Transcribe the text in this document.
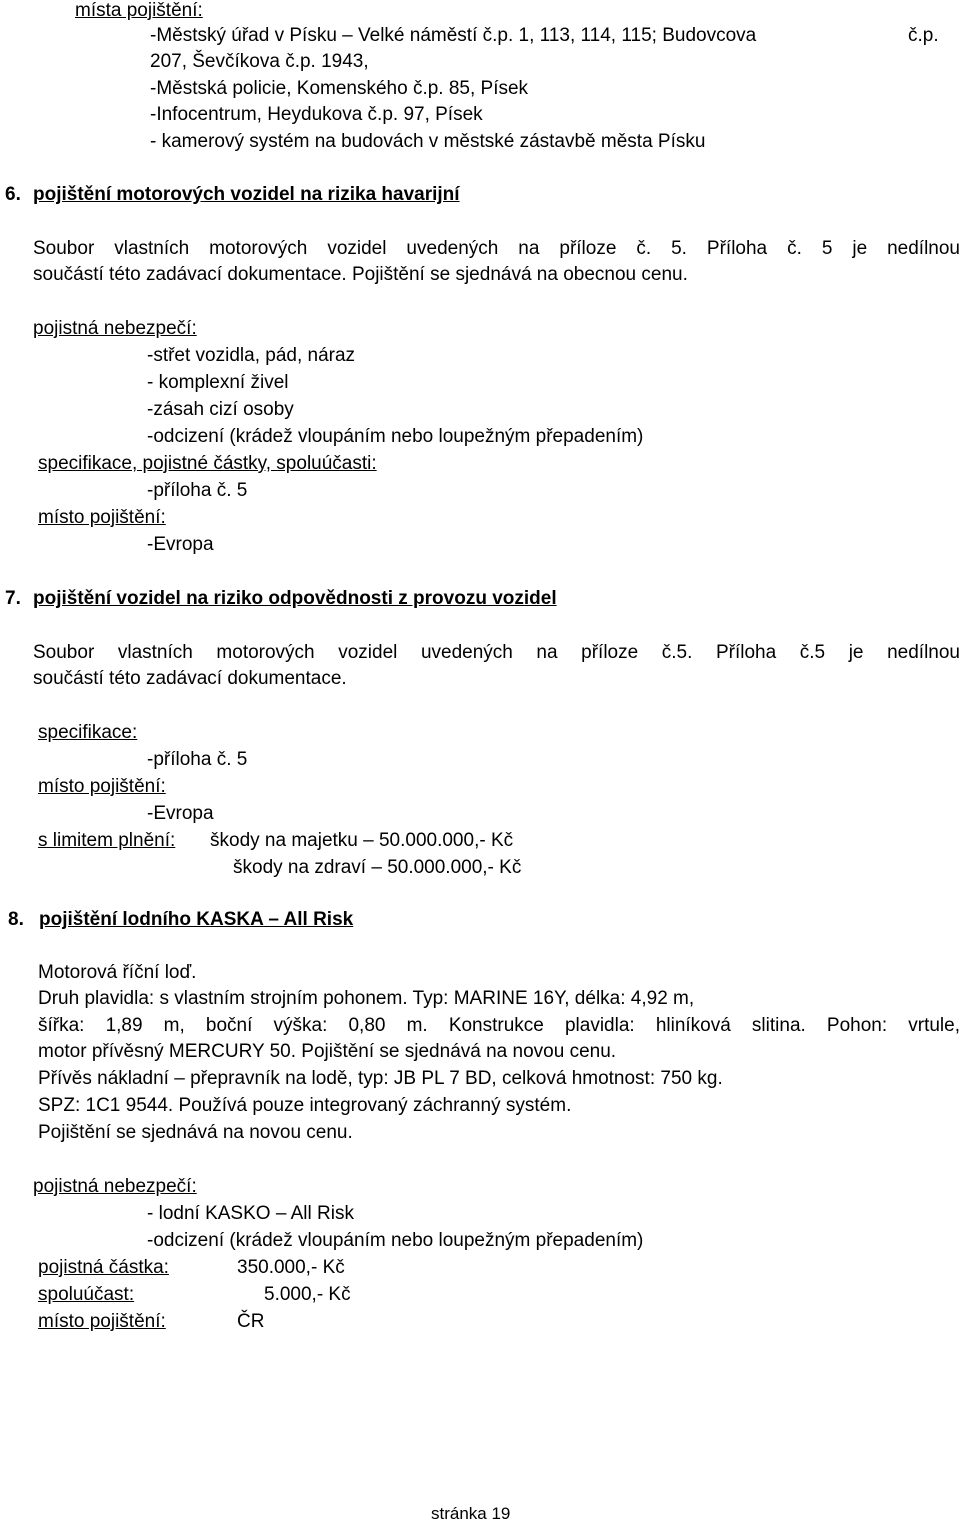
místa pojištění:
-Městský úřad v Písku – Velké náměstí č.p. 1, 113, 114, 115; Budovcova	č.p.
207, Ševčíkova č.p. 1943,
-Městská policie, Komenského č.p. 85, Písek
-Infocentrum, Heydukova č.p. 97, Písek
- kamerový systém na budovách v městské zástavbě města Písku
6. pojištění motorových vozidel na rizika havarijní
Soubor vlastních motorových vozidel uvedených na příloze č. 5. Příloha č. 5 je nedílnou
součástí této zadávací dokumentace. Pojištění se sjednává na obecnou cenu.
pojistná nebezpečí:
-střet vozidla, pád, náraz
- komplexní živel
-zásah cizí osoby
-odcizení (krádež vloupáním nebo loupežným přepadením)
specifikace, pojistné částky, spoluúčasti:
-příloha č. 5
místo pojištění:
-Evropa
7. pojištění vozidel na riziko odpovědnosti z provozu vozidel
Soubor vlastních motorových vozidel uvedených na příloze č.5. Příloha č.5 je nedílnou
součástí této zadávací dokumentace.
specifikace:
-příloha č. 5
místo pojištění:
-Evropa
s limitem plnění: škody na majetku – 50.000.000,- Kč
škody na zdraví – 50.000.000,- Kč
8. pojištění lodního KASKA – All Risk
Motorová říční loď.
Druh plavidla: s vlastním strojním pohonem. Typ: MARINE 16Y, délka: 4,92 m,
šířka: 1,89 m, boční výška: 0,80 m. Konstrukce plavidla: hliníková slitina. Pohon: vrtule,
motor přívěsný MERCURY 50. Pojištění se sjednává na novou cenu.
Přívěs nákladní – přepravník na lodě, typ: JB PL 7 BD, celková hmotnost: 750 kg.
SPZ: 1C1 9544. Používá pouze integrovaný záchranný systém.
Pojištění se sjednává na novou cenu.
pojistná nebezpečí:
- lodní KASKO – All Risk
-odcizení (krádež vloupáním nebo loupežným přepadením)
pojistná částka:	350.000,- Kč
spoluúčast:	5.000,- Kč
místo pojištění:	ČR
stránka 19
